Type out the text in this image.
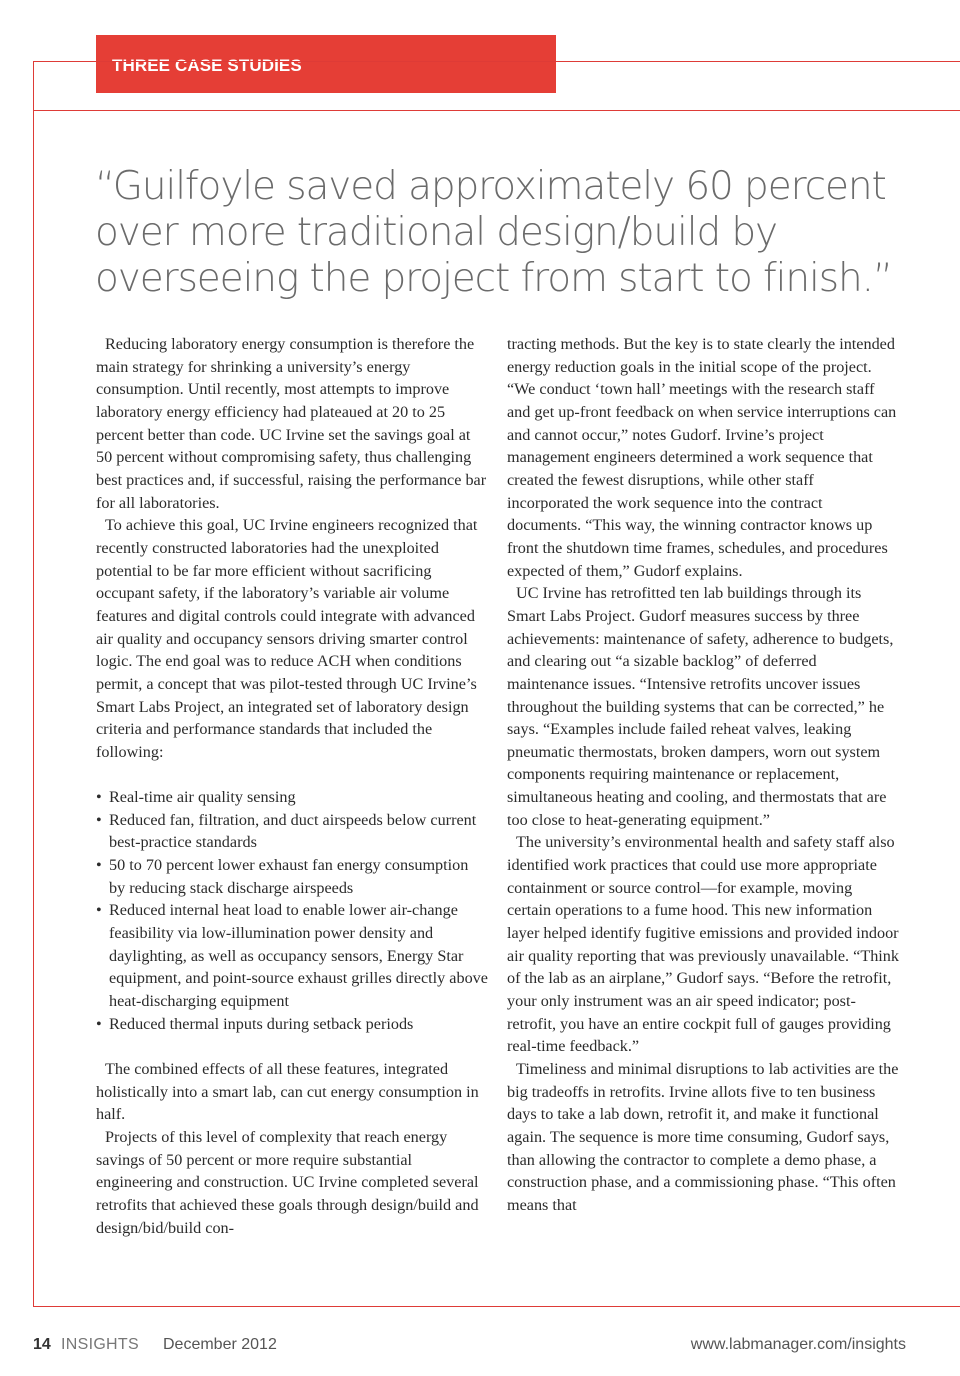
THREE CASE STUDIES

“Guilfoyle saved approximately 60 percent over more traditional design/build by overseeing the project from start to finish.”

Reducing laboratory energy consumption is therefore the main strategy for shrinking a university’s energy consumption. Until recently, most attempts to improve laboratory energy efficiency had plateaued at 20 to 25 percent better than code. UC Irvine set the savings goal at 50 percent without compromising safety, thus challenging best practices and, if successful, raising the performance bar for all laboratories.

To achieve this goal, UC Irvine engineers recognized that recently constructed laboratories had the unexploited potential to be far more efficient without sacrificing occupant safety, if the laboratory’s variable air volume features and digital controls could integrate with advanced air quality and occupancy sensors driving smarter control logic. The end goal was to reduce ACH when conditions permit, a concept that was pilot-tested through UC Irvine’s Smart Labs Project, an integrated set of laboratory design criteria and performance standards that included the following:

• Real-time air quality sensing
• Reduced fan, filtration, and duct airspeeds below current best-practice standards
• 50 to 70 percent lower exhaust fan energy consumption by reducing stack discharge airspeeds
• Reduced internal heat load to enable lower air-change feasibility via low-illumination power density and daylighting, as well as occupancy sensors, Energy Star equipment, and point-source exhaust grilles directly above heat-discharging equipment
• Reduced thermal inputs during setback periods

The combined effects of all these features, integrated holistically into a smart lab, can cut energy consumption in half.

Projects of this level of complexity that reach energy savings of 50 percent or more require substantial engineering and construction. UC Irvine completed several retrofits that achieved these goals through design/build and design/bid/build con-

tracting methods. But the key is to state clearly the intended energy reduction goals in the initial scope of the project. “We conduct ‘town hall’ meetings with the research staff and get up-front feedback on when service interruptions can and cannot occur,” notes Gudorf. Irvine’s project management engineers determined a work sequence that created the fewest disruptions, while other staff incorporated the work sequence into the contract documents. “This way, the winning contractor knows up front the shutdown time frames, schedules, and procedures expected of them,” Gudorf explains.

UC Irvine has retrofitted ten lab buildings through its Smart Labs Project. Gudorf measures success by three achievements: maintenance of safety, adherence to budgets, and clearing out “a sizable backlog” of deferred maintenance issues. “Intensive retrofits uncover issues throughout the building systems that can be corrected,” he says. “Examples include failed reheat valves, leaking pneumatic thermostats, broken dampers, worn out system components requiring maintenance or replacement, simultaneous heating and cooling, and thermostats that are too close to heat-generating equipment.”

The university’s environmental health and safety staff also identified work practices that could use more appropriate containment or source control—for example, moving certain operations to a fume hood. This new information layer helped identify fugitive emissions and provided indoor air quality reporting that was previously unavailable. “Think of the lab as an airplane,” Gudorf says. “Before the retrofit, your only instrument was an air speed indicator; post-retrofit, you have an entire cockpit full of gauges providing real-time feedback.”

Timeliness and minimal disruptions to lab activities are the big tradeoffs in retrofits. Irvine allots five to ten business days to take a lab down, retrofit it, and make it functional again. The sequence is more time consuming, Gudorf says, than allowing the contractor to complete a demo phase, a construction phase, and a commissioning phase. “This often means that

14 INSIGHTS December 2012	www.labmanager.com/insights
